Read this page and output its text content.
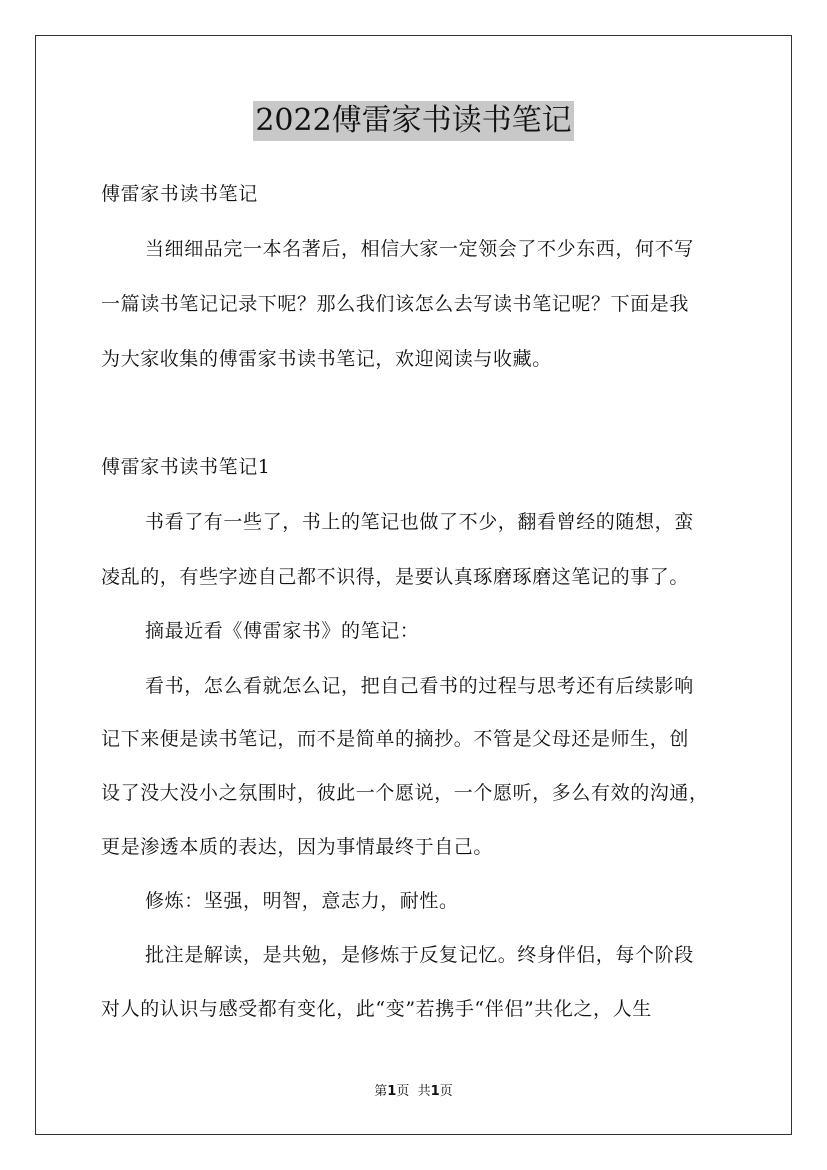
2022傅雷家书读书笔记
傅雷家书读书笔记
当细细品完一本名著后，相信大家一定领会了不少东西，何不写
一篇读书笔记记录下呢？那么我们该怎么去写读书笔记呢？下面是我
为大家收集的傅雷家书读书笔记，欢迎阅读与收藏。
傅雷家书读书笔记1
书看了有一些了，书上的笔记也做了不少，翻看曾经的随想，蛮
凌乱的，有些字迹自己都不识得，是要认真琢磨琢磨这笔记的事了。
摘最近看《傅雷家书》的笔记：
看书，怎么看就怎么记，把自己看书的过程与思考还有后续影响
记下来便是读书笔记，而不是简单的摘抄。不管是父母还是师生，创
设了没大没小之氛围时，彼此一个愿说，一个愿听，多么有效的沟通，
更是渗透本质的表达，因为事情最终于自己。
修炼：坚强，明智，意志力，耐性。
批注是解读，是共勉，是修炼于反复记忆。终身伴侣，每个阶段
对人的认识与感受都有变化，此“变”若携手“伴侣”共化之，人生
第1页 共1页
